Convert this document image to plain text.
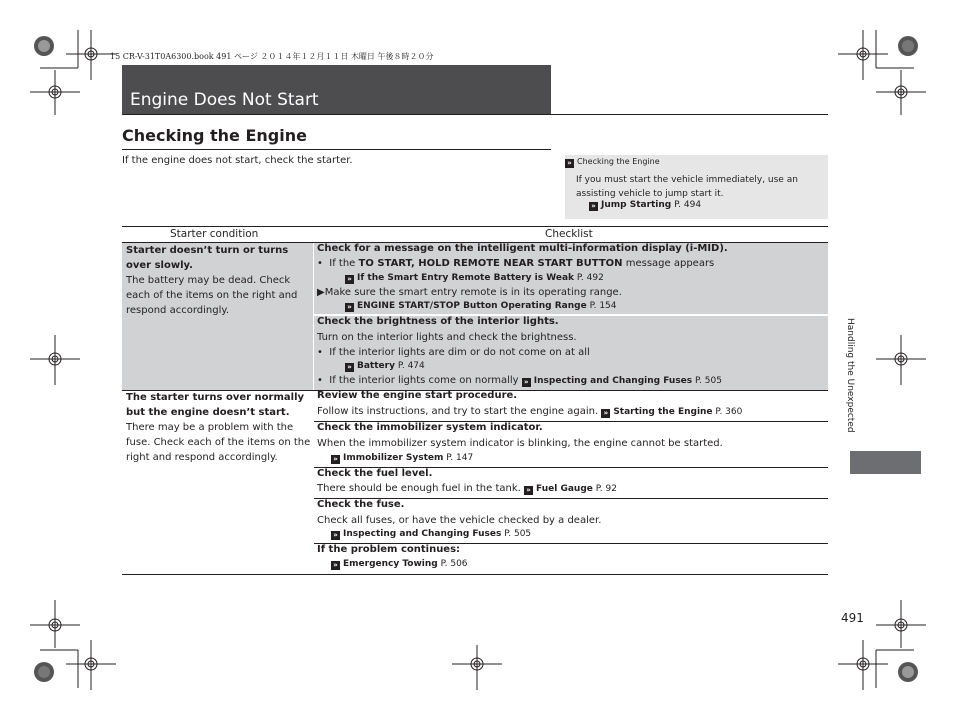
15 CR-V-31T0A6300.book 491 ページ ２０１４年１２月１１日 木曜日 午後８時２０分
Engine Does Not Start
Checking the Engine
If the engine does not start, check the starter.	» Checking the Engine
If you must start the vehicle immediately, use an assisting vehicle to jump start it.
» Jump Starting P. 494
Starter condition	Checklist
Starter doesn’t turn or turns
over slowly.
The battery may be dead. Check each of the items on the right and respond accordingly.
Check for a message on the intelligent multi-information display (i-MID).
•  If the TO START, HOLD REMOTE NEAR START BUTTON message appears
» If the Smart Entry Remote Battery is Weak P. 492
▶Make sure the smart entry remote is in its operating range.
» ENGINE START/STOP Button Operating Range P. 154
Check the brightness of the interior lights.
Turn on the interior lights and check the brightness.
•  If the interior lights are dim or do not come on at all
» Battery P. 474
•  If the interior lights come on normally » Inspecting and Changing Fuses P. 505
The starter turns over normally
but the engine doesn’t start.
There may be a problem with the fuse. Check each of the items on the right and respond accordingly.
Review the engine start procedure.
Follow its instructions, and try to start the engine again. » Starting the Engine P. 360
Check the immobilizer system indicator.
When the immobilizer system indicator is blinking, the engine cannot be started.
» Immobilizer System P. 147
Check the fuel level.
There should be enough fuel in the tank. » Fuel Gauge P. 92
Check the fuse.
Check all fuses, or have the vehicle checked by a dealer.
» Inspecting and Changing Fuses P. 505
If the problem continues:
» Emergency Towing P. 506
Handling the Unexpected
491
